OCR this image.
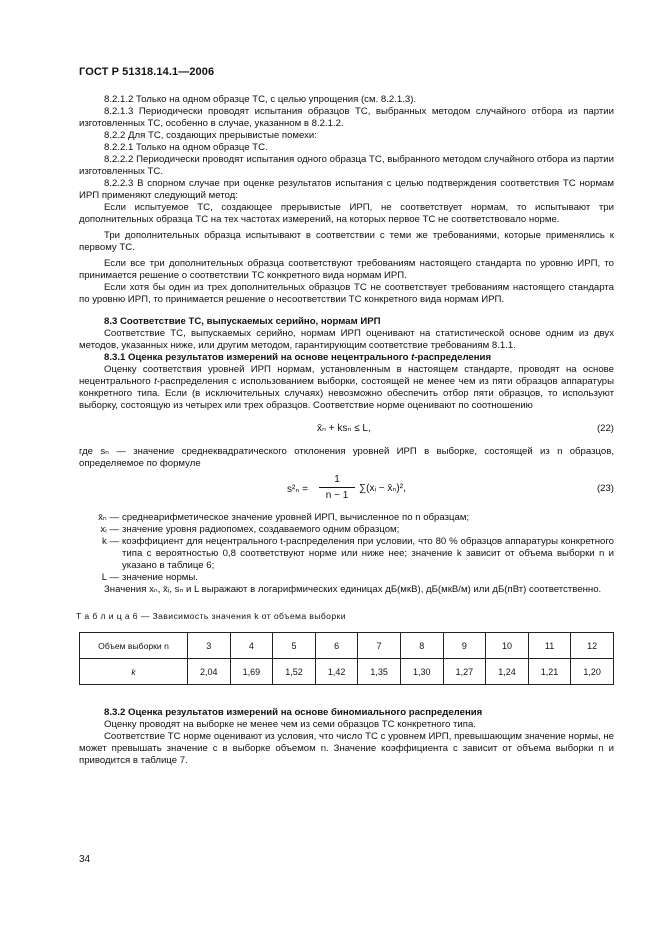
ГОСТ Р 51318.14.1—2006

8.2.1.2 Только на одном образце ТС, с целью упрощения (см. 8.2.1.3).

8.2.1.3 Периодически проводят испытания образцов ТС, выбранных методом случайного отбора из партии изготовленных ТС, особенно в случае, указанном в 8.2.1.2.

8.2.2 Для ТС, создающих прерывистые помехи:

8.2.2.1 Только на одном образце ТС.

8.2.2.2 Периодически проводят испытания одного образца ТС, выбранного методом случайного отбора из партии изготовленных ТС.

8.2.2.3 В спорном случае при оценке результатов испытания с целью подтверждения соответствия ТС нормам ИРП применяют следующий метод:

Если испытуемое ТС, создающее прерывистые ИРП, не соответствует нормам, то испытывают три дополнительных образца ТС на тех частотах измерений, на которых первое ТС не соответствовало норме.

Три дополнительных образца испытывают в соответствии с теми же требованиями, которые применялись к первому ТС.

Если все три дополнительных образца соответствуют требованиям настоящего стандарта по уровню ИРП, то принимается решение о соответствии ТС конкретного вида нормам ИРП.

Если хотя бы один из трех дополнительных образцов ТС не соответствует требованиям настоящего стандарта по уровню ИРП, то принимается решение о несоответствии ТС конкретного вида нормам ИРП.

8.3 Соответствие ТС, выпускаемых серийно, нормам ИРП

Соответствие ТС, выпускаемых серийно, нормам ИРП оценивают на статистической основе одним из двух методов, указанных ниже, или другим методом, гарантирующим соответствие требованиям 8.1.1.

8.3.1 Оценка результатов измерений на основе нецентрального t-распределения

Оценку соответствия уровней ИРП нормам, установленным в настоящем стандарте, проводят на основе нецентрального t-распределения с использованием выборки, состоящей не менее чем из пяти образцов аппаратуры конкретного типа. Если (в исключительных случаях) невозможно обеспечить отбор пяти образцов, то используют выборку, состоящую из четырех или трех образцов. Соответствие норме оценивают по соотношению

x̄ₙ + ksₙ ≤ L,	(22)

где sₙ — значение среднеквадратического отклонения уровней ИРП в выборке, состоящей из n образцов, определяемое по формуле

s²ₙ =
1
n − 1
∑(xᵢ − x̄ₙ)²,	(23)
x̄ₙ — среднеарифметическое значение уровней ИРП, вычисленное по n образцам;
xᵢ — значение уровня радиопомех, создаваемого одним образцом;
k — коэффициент для нецентрального t-распределения при условии, что 80 % образцов аппаратуры конкретного типа с вероятностью 0,8 соответствуют норме или ниже нее; значение k зависит от объема выборки n и указано в таблице 6;
L — значение нормы.

Значения xₙ, x̄ᵢ, sₙ и L выражают в логарифмических единицах дБ(мкВ), дБ(мкВ/м) или дБ(пВт) соответственно.

Т а б л и ц а 6 — Зависимость значения k от объема выборки
Объем выборки n	3	4	5	6	7	8	9	10	11	12
k	2,04	1,69	1,52	1,42	1,35	1,30	1,27	1,24	1,21	1,20

8.3.2 Оценка результатов измерений на основе биномиального распределения

Оценку проводят на выборке не менее чем из семи образцов ТС конкретного типа.

Соответствие ТС норме оценивают из условия, что число ТС с уровнем ИРП, превышающим значение нормы, не может превышать значение c в выборке объемом n. Значение коэффициента c зависит от объема выборки n и приводится в таблице 7.

34
